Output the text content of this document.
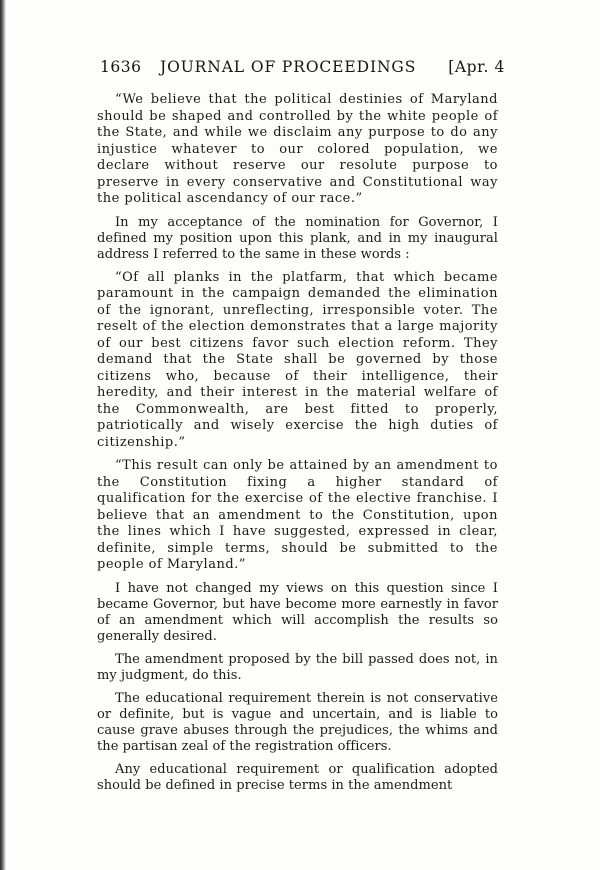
1636 JOURNAL OF PROCEEDINGS [Apr. 4

“We believe that the political destinies of Maryland should be shaped and controlled by the white people of the State, and while we disclaim any purpose to do any injustice whatever to our colored population, we declare without reserve our resolute purpose to preserve in every conservative and Constitutional way the political ascendancy of our race.”

In my acceptance of the nomination for Governor, I defined my position upon this plank, and in my inaugural address I referred to the same in these words :

“Of all planks in the platfarm, that which became paramount in the campaign demanded the elimination of the ignorant, unreflecting, irresponsible voter. The reselt of the election demonstrates that a large majority of our best citizens favor such election reform. They demand that the State shall be governed by those citizens who, because of their intelligence, their heredity, and their interest in the material welfare of the Commonwealth, are best fitted to properly, patriotically and wisely exercise the high duties of citizenship.”

“This result can only be attained by an amendment to the Constitution fixing a higher standard of qualification for the exercise of the elective franchise. I believe that an amendment to the Constitution, upon the lines which I have suggested, expressed in clear, definite, simple terms, should be submitted to the people of Maryland.”

I have not changed my views on this question since I became Governor, but have become more earnestly in favor of an amendment which will accomplish the results so generally desired.

The amendment proposed by the bill passed does not, in my judgment, do this.

The educational requirement therein is not conservative or definite, but is vague and uncertain, and is liable to cause grave abuses through the prejudices, the whims and the partisan zeal of the registration officers.

Any educational requirement or qualification adopted should be defined in precise terms in the amendment
